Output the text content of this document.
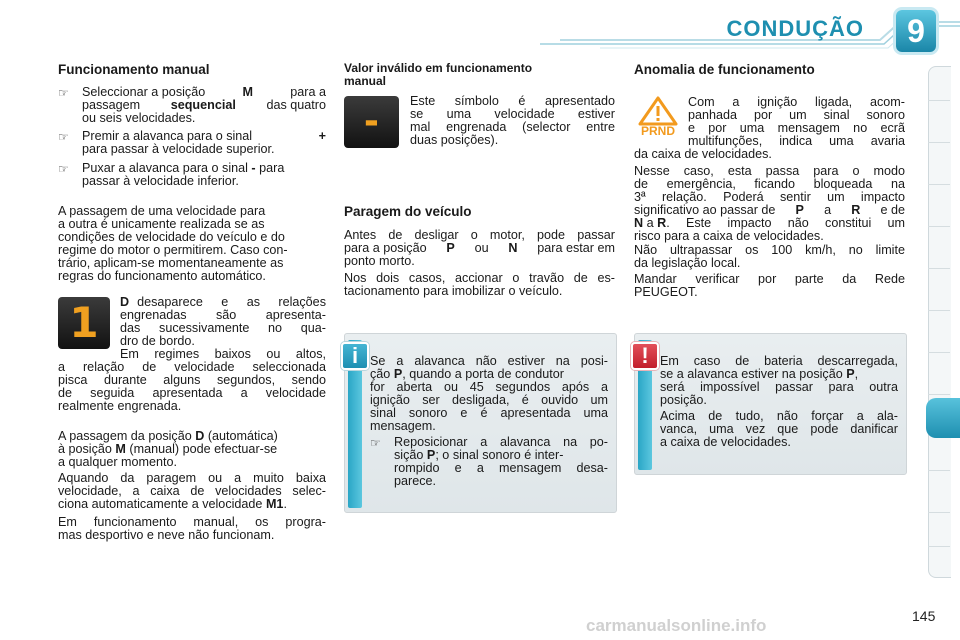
CONDUÇÃO	9
Funcionamento manual
☞ Seleccionar a posição	M	para a
passagem sequencial das quatro
ou seis velocidades.
☞ Premir a alavanca para o sinal	+
para passar à velocidade superior.
☞ Puxar a alavanca para o sinal - para
passar à velocidade inferior.
A passagem de uma velocidade para
a outra é unicamente realizada se as
condições de velocidade do veículo e do
regime do motor o permitirem. Caso con-
trário, aplicam-se momentaneamente as
regras do funcionamento automático.
1	D desaparece e as relações
engrenadas são apresenta-
das sucessivamente no qua-
dro de bordo.
Em regimes baixos ou altos,
a relação de velocidade seleccionada
pisca durante alguns segundos, sendo
de seguida apresentada a velocidade
realmente engrenada.
A passagem da posição D (automática)
à posição M (manual) pode efectuar-se
a qualquer momento.
Aquando da paragem ou a muito baixa
velocidade, a caixa de velocidades selec-
ciona automaticamente a velocidade M1.
Em funcionamento manual, os progra-
mas desportivo e neve não funcionam.
Valor inválido em funcionamento
manual
-	Este símbolo é apresentado
se uma velocidade estiver
mal engrenada (selector entre
duas posições).
Paragem do veículo
Antes de desligar o motor, pode passar
para a posição P ou N para estar em
ponto morto.
Nos dois casos, accionar o travão de es-
tacionamento para imobilizar o veículo.
i Se a alavanca não estiver na posi-
ção P, quando a porta de condutor
for aberta ou 45 segundos após a
ignição ser desligada, é ouvido um
sinal sonoro e é apresentada uma
mensagem.
☞ Reposicionar a alavanca na po-
sição P; o sinal sonoro é inter-
rompido e a mensagem desa-
parece.
Anomalia de funcionamento
PRND
Com a ignição ligada, acom-
panhada por um sinal sonoro
e por uma mensagem no ecrã
multifunções, indica uma avaria
da caixa de velocidades.
Nesse caso, esta passa para o modo
de emergência, ficando bloqueada na
3ª relação. Poderá sentir um impacto
significativo ao passar de P a R e de
N
a
R . Este impacto não constitui um
risco para a caixa de velocidades.
Não ultrapassar os 100 km/h, no limite
da legislação local.
Mandar verificar por parte da Rede
PEUGEOT.
! Em caso de bateria descarregada,
se a alavanca estiver na posição P,
será impossível passar para outra
posição.
Acima de tudo, não forçar a ala-
vanca, uma vez que pode danificar
a caixa de velocidades.
145
carmanualsonline.info
